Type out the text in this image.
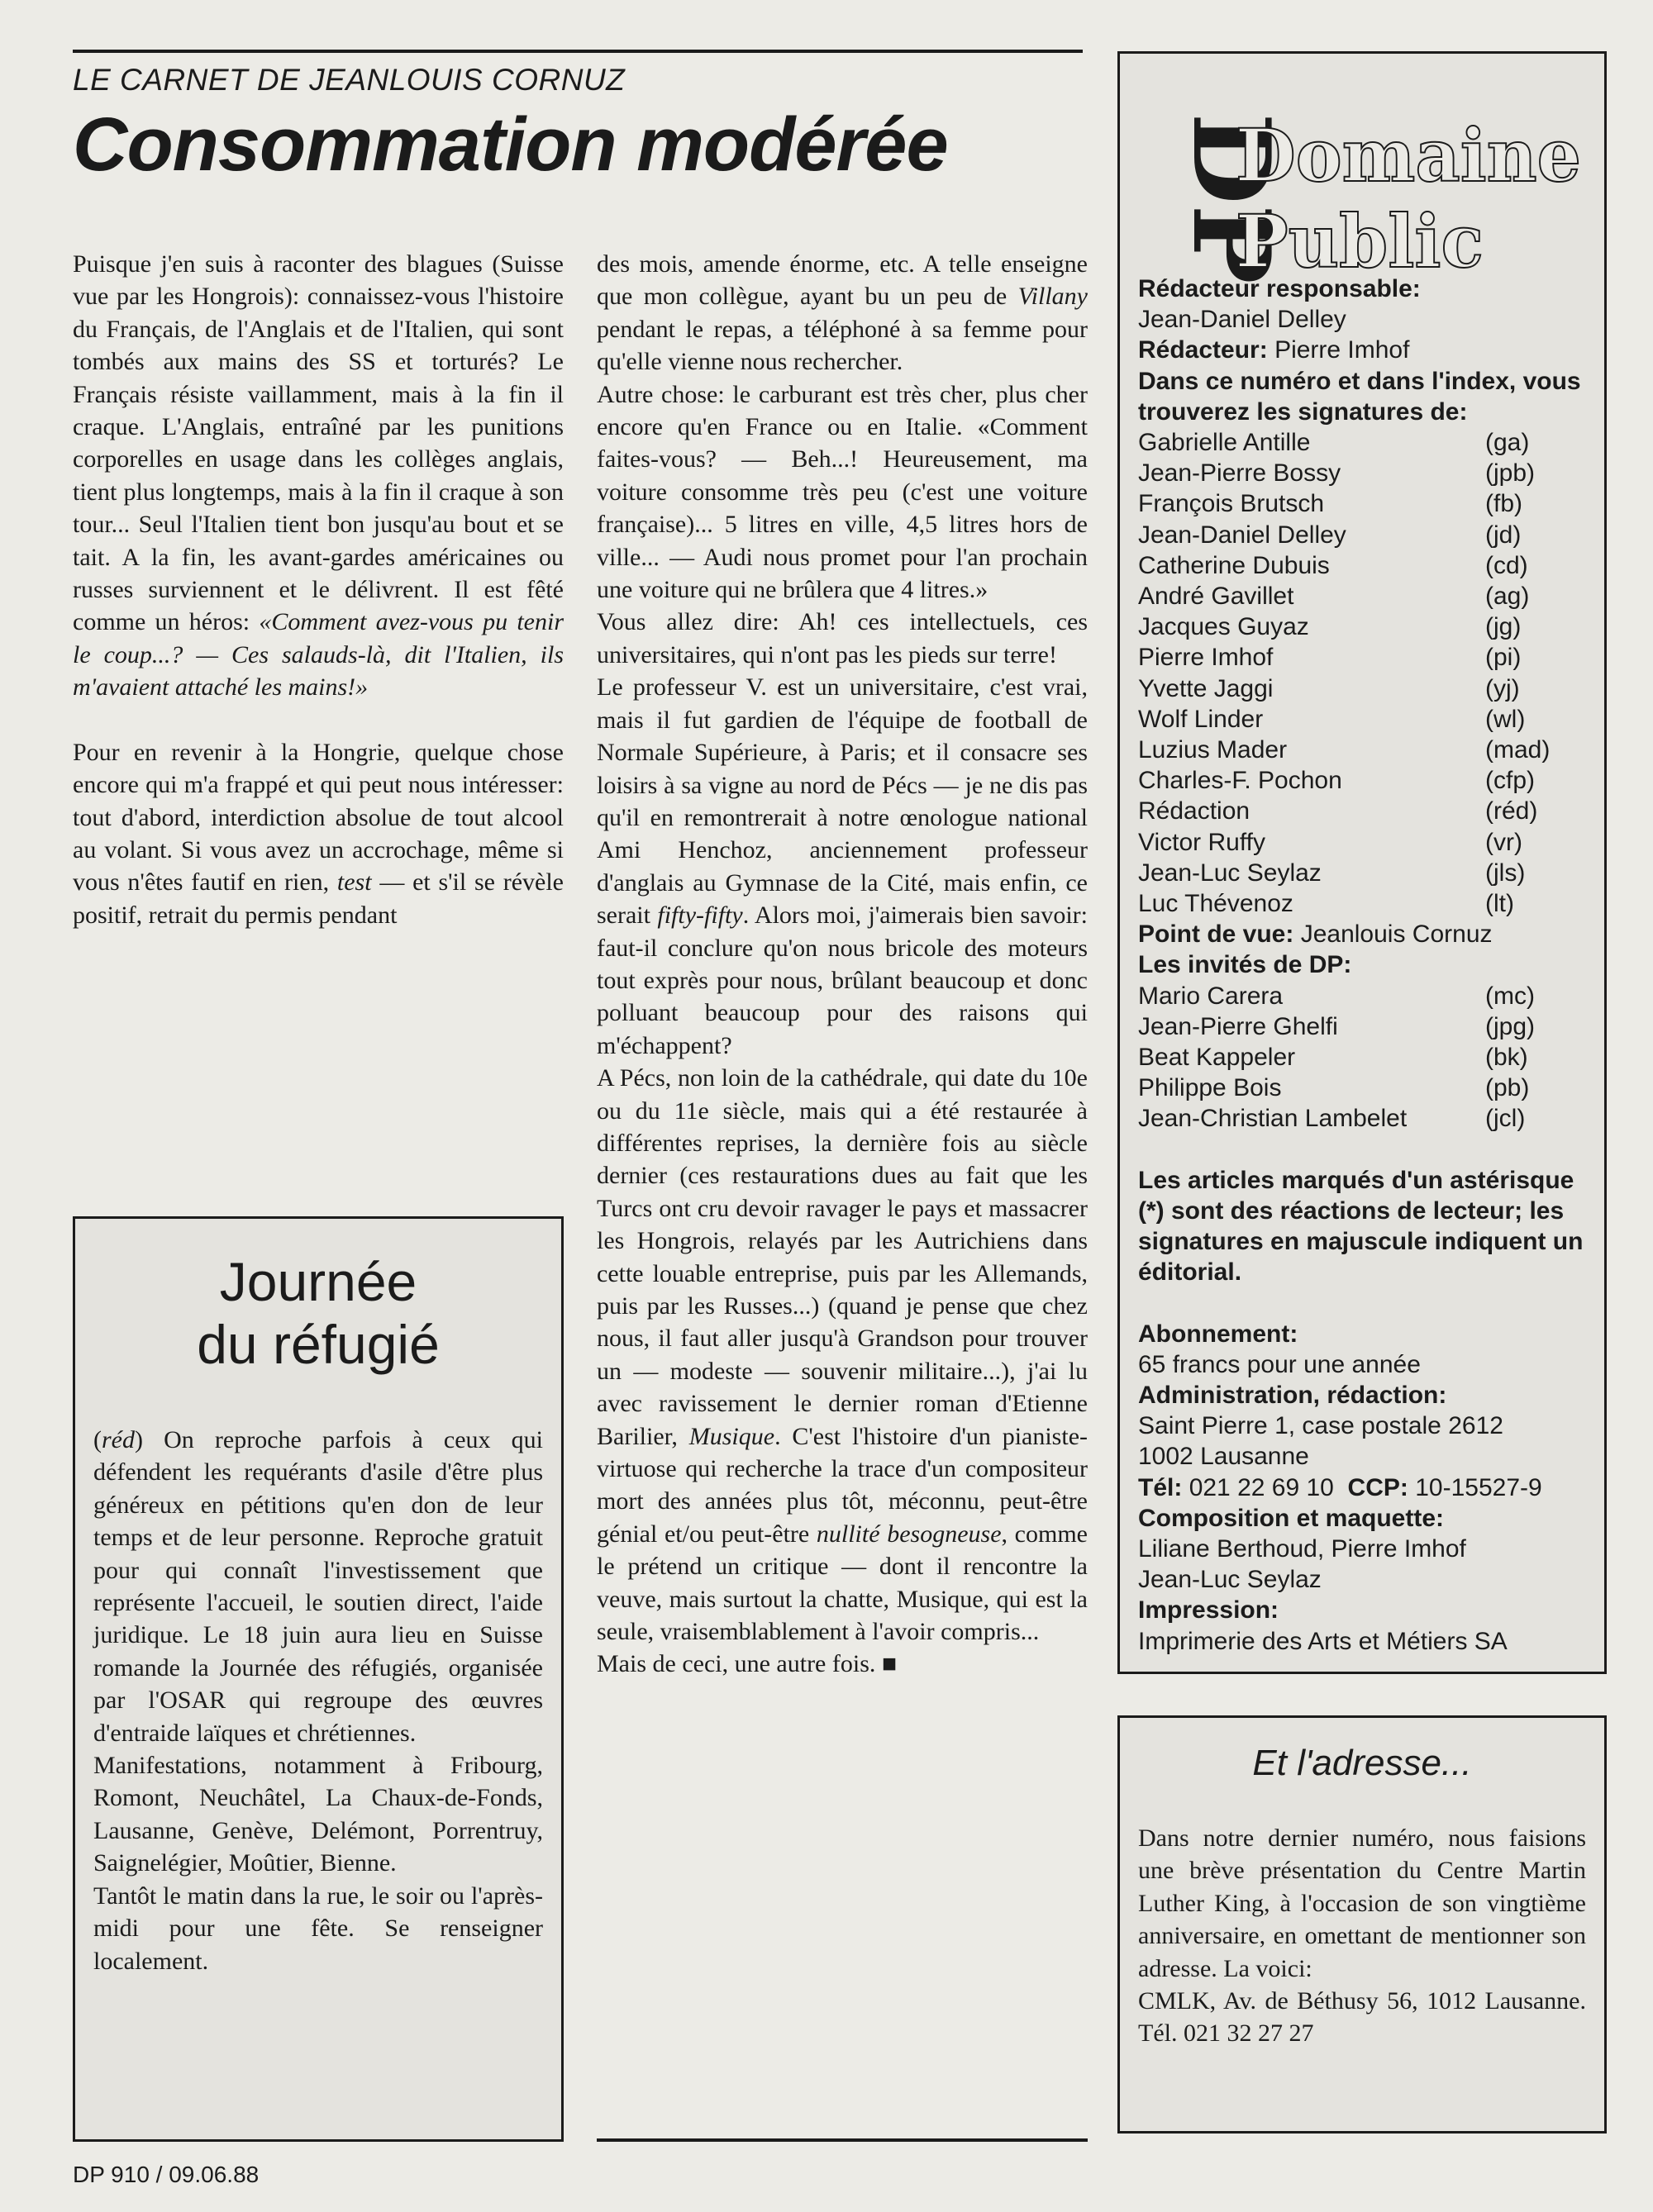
LE CARNET DE JEANLOUIS CORNUZ

Consommation modérée

Puisque j'en suis à raconter des blagues (Suisse vue par les Hongrois): connaissez-vous l'histoire du Français, de l'Anglais et de l'Italien, qui sont tombés aux mains des SS et torturés? Le Français résiste vaillamment, mais à la fin il craque. L'Anglais, entraîné par les punitions corporelles en usage dans les collèges anglais, tient plus longtemps, mais à la fin il craque à son tour... Seul l'Italien tient bon jusqu'au bout et se tait. A la fin, les avant-gardes américaines ou russes surviennent et le délivrent. Il est fêté comme un héros: «Comment avez-vous pu tenir le coup...? — Ces salauds-là, dit l'Italien, ils m'avaient attaché les mains!»

Pour en revenir à la Hongrie, quelque chose encore qui m'a frappé et qui peut nous intéresser: tout d'abord, interdiction absolue de tout alcool au volant. Si vous avez un accrochage, même si vous n'êtes fautif en rien, test — et s'il se révèle positif, retrait du permis pendant

des mois, amende énorme, etc. A telle enseigne que mon collègue, ayant bu un peu de Villany pendant le repas, a téléphoné à sa femme pour qu'elle vienne nous rechercher.

Autre chose: le carburant est très cher, plus cher encore qu'en France ou en Italie. «Comment faites-vous? — Beh...! Heureusement, ma voiture consomme très peu (c'est une voiture française)... 5 litres en ville, 4,5 litres hors de ville... — Audi nous promet pour l'an prochain une voiture qui ne brûlera que 4 litres.»

Vous allez dire: Ah! ces intellectuels, ces universitaires, qui n'ont pas les pieds sur terre!

Le professeur V. est un universitaire, c'est vrai, mais il fut gardien de l'équipe de football de Normale Supérieure, à Paris; et il consacre ses loisirs à sa vigne au nord de Pécs — je ne dis pas qu'il en remontrerait à notre œnologue national Ami Henchoz, anciennement professeur d'anglais au Gymnase de la Cité, mais enfin, ce serait fifty-fifty. Alors moi, j'aimerais bien savoir: faut-il conclure qu'on nous bricole des moteurs tout exprès pour nous, brûlant beaucoup et donc polluant beaucoup pour des raisons qui m'échappent?

A Pécs, non loin de la cathédrale, qui date du 10e ou du 11e siècle, mais qui a été restaurée à différentes reprises, la dernière fois au siècle dernier (ces restaurations dues au fait que les Turcs ont cru devoir ravager le pays et massacrer les Hongrois, relayés par les Autrichiens dans cette louable entreprise, puis par les Allemands, puis par les Russes...) (quand je pense que chez nous, il faut aller jusqu'à Grandson pour trouver un — modeste — souvenir militaire...), j'ai lu avec ravissement le dernier roman d'Etienne Barilier, Musique. C'est l'histoire d'un pianiste-virtuose qui recherche la trace d'un compositeur mort des années plus tôt, méconnu, peut-être génial et/ou peut-être nullité besogneuse, comme le prétend un critique — dont il rencontre la veuve, mais surtout la chatte, Musique, qui est la seule, vraisemblablement à l'avoir compris...

Mais de ceci, une autre fois. ■

Journée
du réfugié

(réd) On reproche parfois à ceux qui défendent les requérants d'asile d'être plus généreux en pétitions qu'en don de leur temps et de leur personne. Reproche gratuit pour qui connaît l'investissement que représente l'accueil, le soutien direct, l'aide juridique. Le 18 juin aura lieu en Suisse romande la Journée des réfugiés, organisée par l'OSAR qui regroupe des œuvres d'entraide laïques et chrétiennes.

Manifestations, notamment à Fribourg, Romont, Neuchâtel, La Chaux-de-Fonds, Lausanne, Genève, Delémont, Porrentruy, Saignelégier, Moûtier, Bienne.

Tantôt le matin dans la rue, le soir ou l'après-midi pour une fête. Se renseigner localement.

DP
Domaine
Public
Rédacteur responsable:
Jean-Daniel Delley
Rédacteur: Pierre Imhof
Dans ce numéro et dans l'index, vous trouverez les signatures de:
Gabrielle Antille	(ga)
Jean-Pierre Bossy	(jpb)
François Brutsch	(fb)
Jean-Daniel Delley	(jd)
Catherine Dubuis	(cd)
André Gavillet	(ag)
Jacques Guyaz	(jg)
Pierre Imhof	(pi)
Yvette Jaggi	(yj)
Wolf Linder	(wl)
Luzius Mader	(mad)
Charles-F. Pochon	(cfp)
Rédaction	(réd)
Victor Ruffy	(vr)
Jean-Luc Seylaz	(jls)
Luc Thévenoz	(lt)
Point de vue: Jeanlouis Cornuz
Les invités de DP:
Mario Carera	(mc)
Jean-Pierre Ghelfi	(jpg)
Beat Kappeler	(bk)
Philippe Bois	(pb)
Jean-Christian Lambelet	(jcl)
Les articles marqués d'un astérisque (*) sont des réactions de lecteur; les signatures en majuscule indiquent un éditorial.
Abonnement:
65 francs pour une année
Administration, rédaction:
Saint Pierre 1, case postale 2612
1002 Lausanne
Tél: 021 22 69 10 CCP: 10-15527-9
Composition et maquette:
Liliane Berthoud, Pierre Imhof
Jean-Luc Seylaz
Impression:
Imprimerie des Arts et Métiers SA
Et l'adresse...

Dans notre dernier numéro, nous faisions une brève présentation du Centre Martin Luther King, à l'occasion de son vingtième anniversaire, en omettant de mentionner son adresse. La voici:

CMLK, Av. de Béthusy 56, 1012 Lausanne. Tél. 021 32 27 27

DP 910 / 09.06.88
